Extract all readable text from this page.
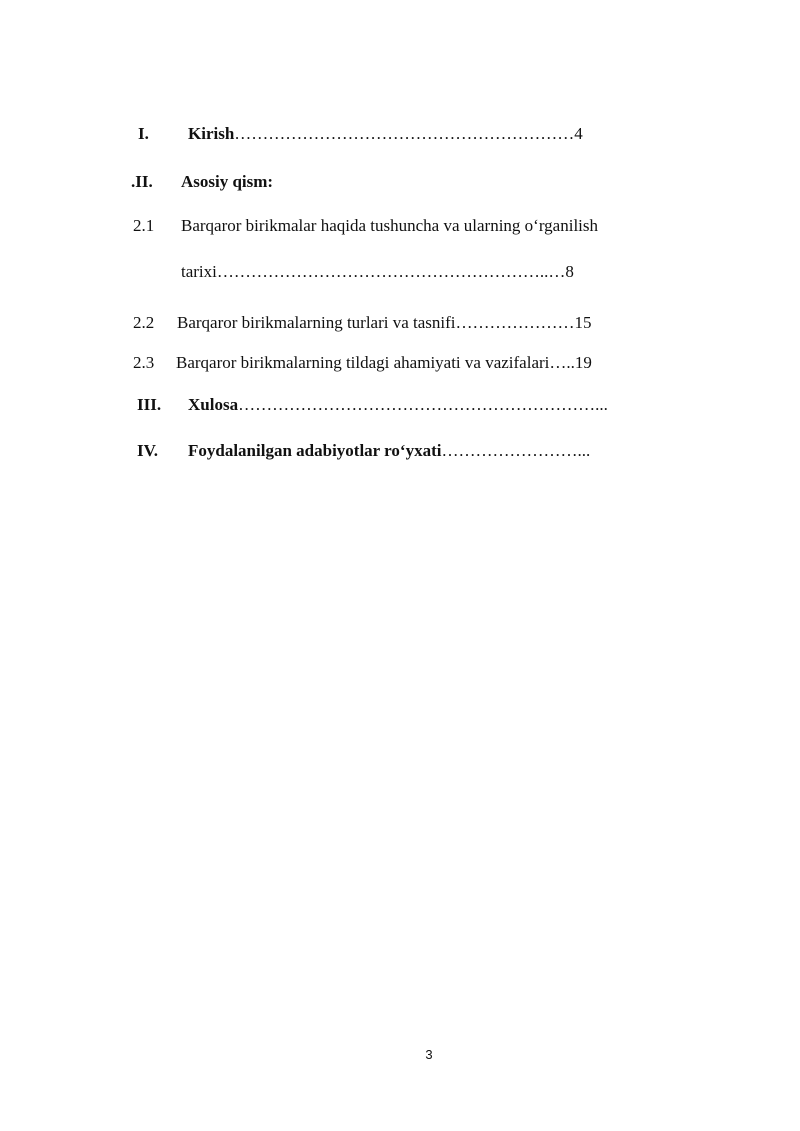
I. Kirish……………………………………………………4
.II. Asosiy qism:
2.1 Barqaror birikmalar haqida tushuncha va ularning o‘rganilish
tarixi…………………………………………………..…8
2.2 Barqaror birikmalarning turlari va tasnifi…………………15
2.3 Barqaror birikmalarning tildagi ahamiyati va vazifalari…..19
III. Xulosa………………………………………………………...
IV. Foydalanilgan adabiyotlar ro‘yxati……………………...
3
